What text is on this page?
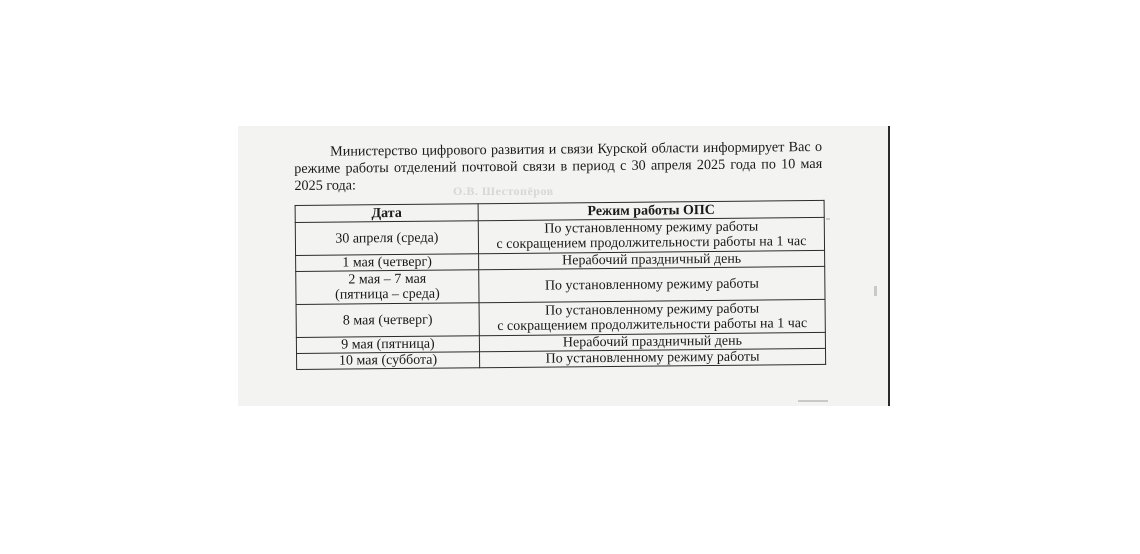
О.В. Шестопёров

Министерство цифрового развития и связи Курской области информирует Вас о режиме работы отделений почтовой связи в период с 30 апреля 2025 года по 10 мая 2025 года:

Дата	Режим работы ОПС

30 апреля (среда)	По установленному режиму работы
с сокращением продолжительности работы на 1 час

1 мая (четверг)	Нерабочий праздничный день

2 мая – 7 мая
(пятница – среда)	По установленному режиму работы

8 мая (четверг)	По установленному режиму работы
с сокращением продолжительности работы на 1 час

9 мая (пятница)	Нерабочий праздничный день

10 мая (суббота)	По установленному режиму работы
